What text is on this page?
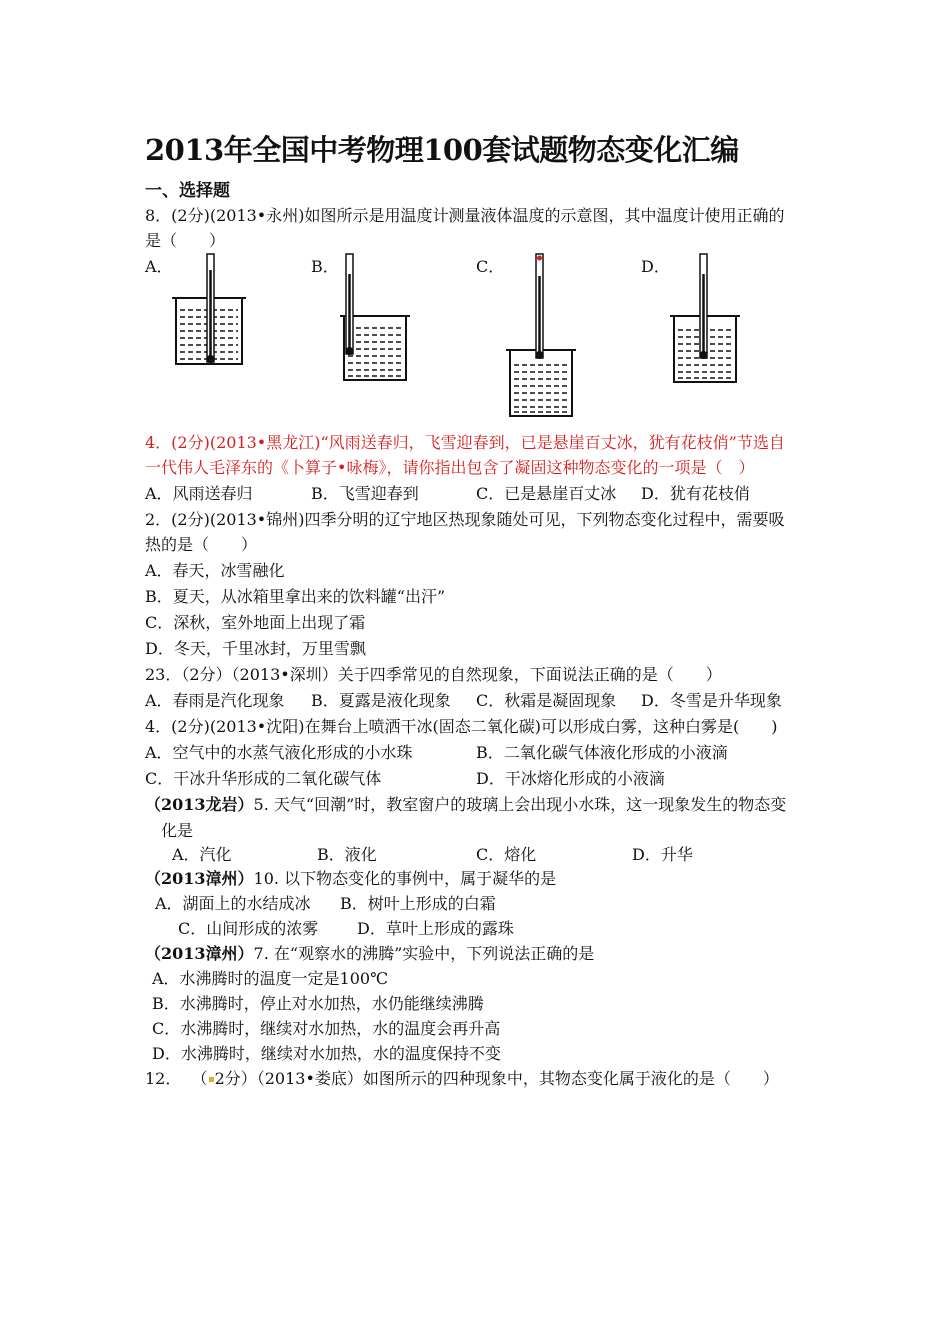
2013年全国中考物理100套试题物态变化汇编
一、选择题
8．(2分)(2013•永州)如图所示是用温度计测量液体温度的示意图，其中温度计使用正确的
是（　　）
A．	B．	C．	D．
4．(2分)(2013•黑龙江)“风雨送春归，飞雪迎春到，已是悬崖百丈冰，犹有花枝俏”节选自
一代伟人毛泽东的《卜算子•咏梅》，请你指出包含了凝固这种物态变化的一项是（　）
A．风雨送春归	B．飞雪迎春到	C．已是悬崖百丈冰 D．犹有花枝俏
2．(2分)(2013•锦州)四季分明的辽宁地区热现象随处可见，下列物态变化过程中，需要吸
热的是（　　）
A．春天，冰雪融化
B．夏天，从冰箱里拿出来的饮料罐“出汗”
C．深秋，室外地面上出现了霜
D．冬天，千里冰封，万里雪飘
23．（2分）（2013•深圳）关于四季常见的自然现象，下面说法正确的是（　　）
A．春雨是汽化现象 B．夏露是液化现象 C．秋霜是凝固现象 D．冬雪是升华现象
4．(2分)(2013•沈阳)在舞台上喷洒干冰(固态二氧化碳)可以形成白雾，这种白雾是(　　)
A．空气中的水蒸气液化形成的小水珠	B．二氧化碳气体液化形成的小液滴
C．干冰升华形成的二氧化碳气体	D．干冰熔化形成的小液滴
（2013龙岩）5. 天气“回潮”时，教室窗户的玻璃上会出现小水珠，这一现象发生的物态变
化是
A．汽化	B．液化	C．熔化	D．升华
（2013漳州）10. 以下物态变化的事例中，属于凝华的是
A．湖面上的水结成冰 B．树叶上形成的白霜
C．山间形成的浓雾 D．草叶上形成的露珠
（2013漳州）7. 在“观察水的沸腾”实验中，下列说法正确的是
A．水沸腾时的温度一定是100℃
B．水沸腾时，停止对水加热，水仍能继续沸腾
C．水沸腾时，继续对水加热，水的温度会再升高
D．水沸腾时，继续对水加热，水的温度保持不变
12． （ 2分）（2013•娄底）如图所示的四种现象中，其物态变化属于液化的是（　　）
